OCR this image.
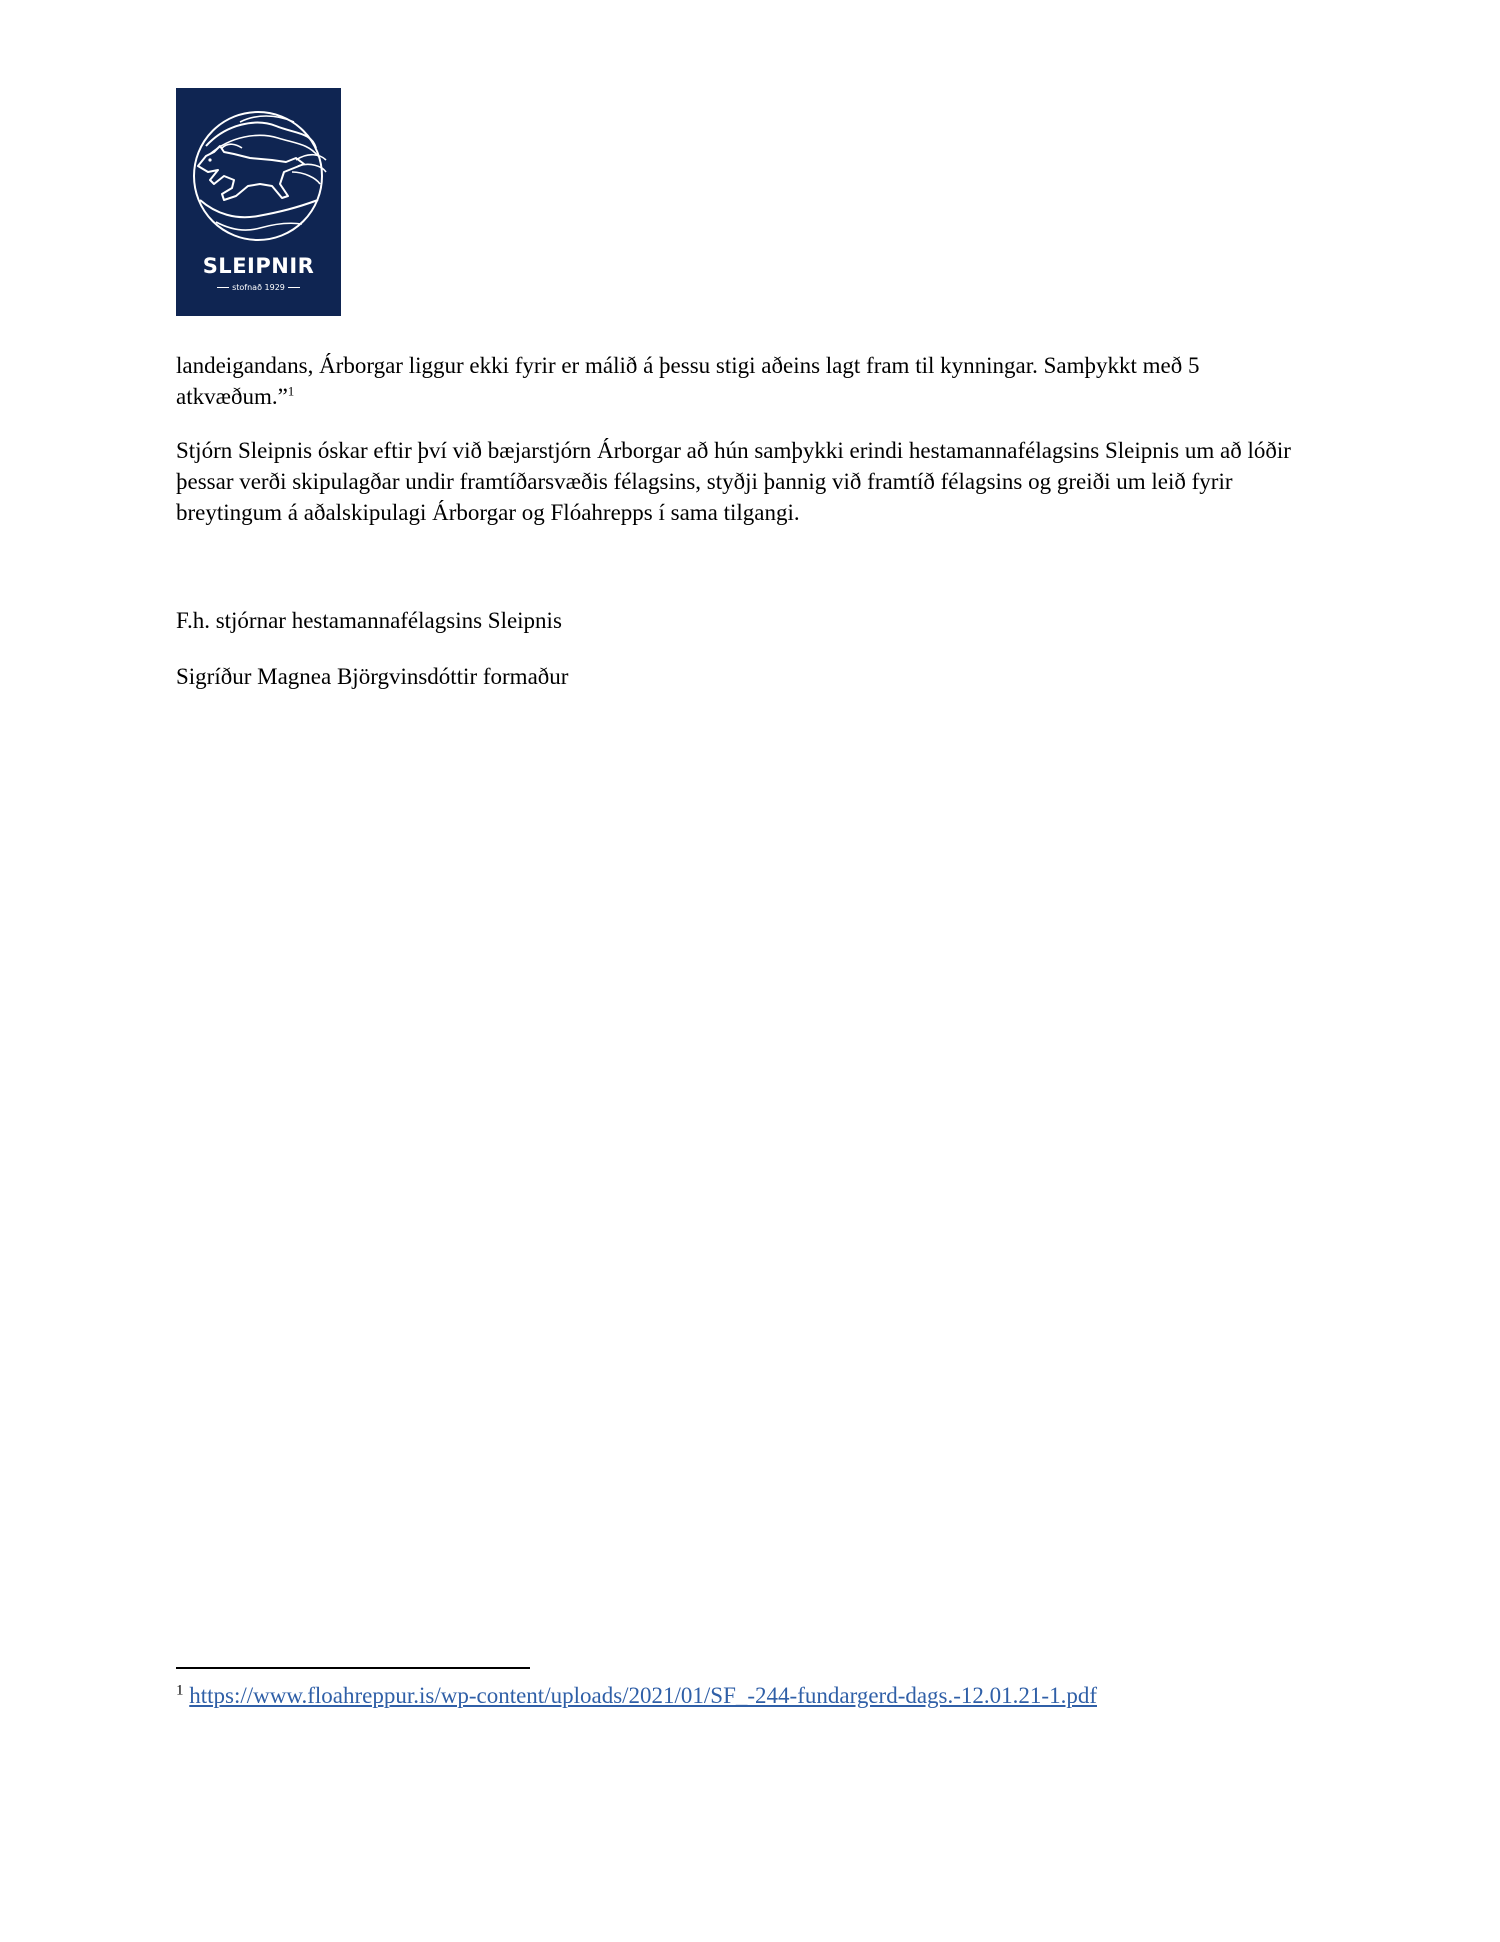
SLEIPNIR
stofnað 1929

landeigandans, Árborgar liggur ekki fyrir er málið á þessu stigi aðeins lagt fram til kynningar. Samþykkt með 5 atkvæðum.”$^1$

Stjórn Sleipnis óskar eftir því við bæjarstjórn Árborgar að hún samþykki erindi hestamannafélagsins Sleipnis um að lóðir þessar verði skipulagðar undir framtíðarsvæðis félagsins, styðji þannig við framtíð félagsins og greiði um leið fyrir breytingum á aðalskipulagi Árborgar og Flóahrepps í sama tilgangi.

F.h. stjórnar hestamannafélagsins Sleipnis

Sigríður Magnea Björgvinsdóttir formaður

$^1$ https://www.floahreppur.is/wp-content/uploads/2021/01/SF_-244-fundargerd-dags.-12.01.21-1.pdf
